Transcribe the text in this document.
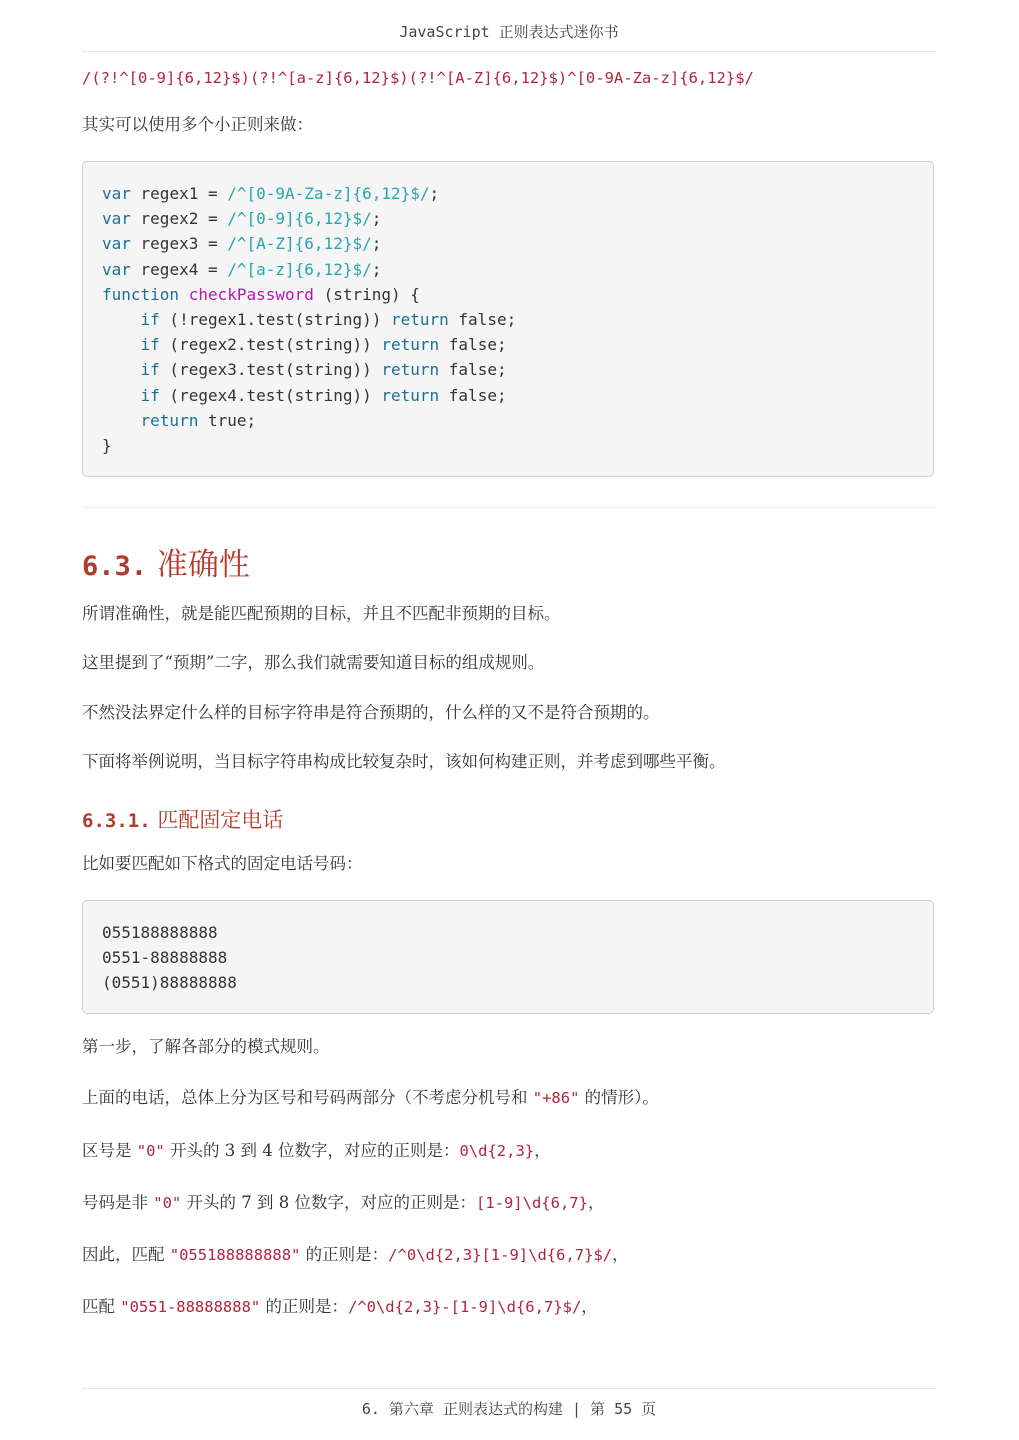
JavaScript 正则表达式迷你书
/(?!^[0-9]{6,12}$)(?!^[a-z]{6,12}$)(?!^[A-Z]{6,12}$)^[0-9A-Za-z]{6,12}$/
其实可以使用多个小正则来做：
var regex1 = /^[0-9A-Za-z]{6,12}$/;
var regex2 = /^[0-9]{6,12}$/;
var regex3 = /^[A-Z]{6,12}$/;
var regex4 = /^[a-z]{6,12}$/;
function checkPassword (string) {
if (!regex1.test(string)) return false;
if (regex2.test(string)) return false;
if (regex3.test(string)) return false;
if (regex4.test(string)) return false;
return true;
}
6.3. 准确性
所谓准确性，就是能匹配预期的目标，并且不匹配非预期的目标。
这里提到了“预期”二字，那么我们就需要知道目标的组成规则。
不然没法界定什么样的目标字符串是符合预期的，什么样的又不是符合预期的。
下面将举例说明，当目标字符串构成比较复杂时，该如何构建正则，并考虑到哪些平衡。
6.3.1. 匹配固定电话
比如要匹配如下格式的固定电话号码：
055188888888
0551-88888888
(0551)88888888
第一步，了解各部分的模式规则。
上面的电话，总体上分为区号和号码两部分（不考虑分机号和 "+86" 的情形）。
区号是 "0" 开头的 3 到 4 位数字，对应的正则是：0\d{2,3}，
号码是非 "0" 开头的 7 到 8 位数字，对应的正则是：[1-9]\d{6,7}，
因此，匹配 "055188888888" 的正则是：/^0\d{2,3}[1-9]\d{6,7}$/，
匹配 "0551-88888888" 的正则是：/^0\d{2,3}-[1-9]\d{6,7}$/，
6. 第六章 正则表达式的构建 | 第 55 页
